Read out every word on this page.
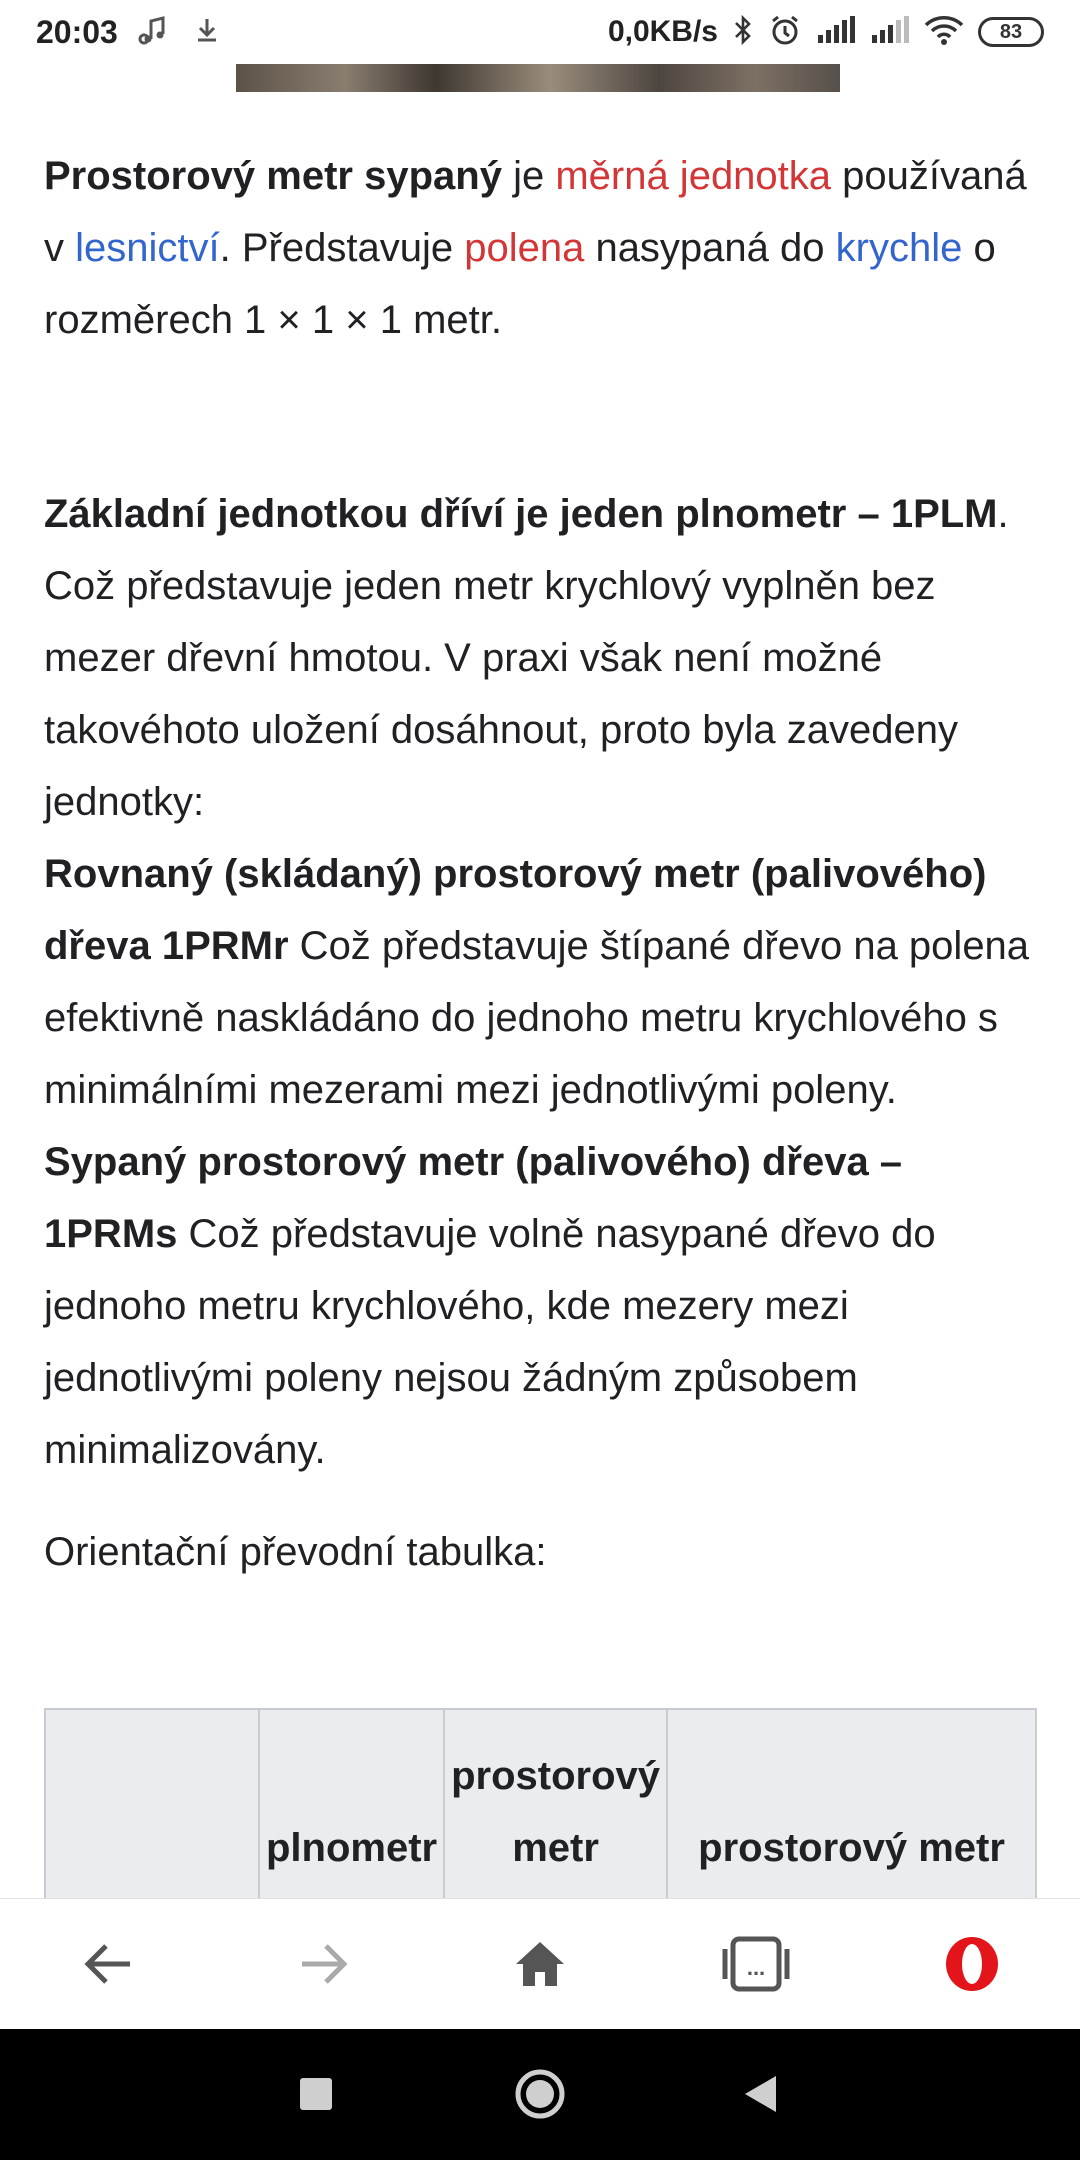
20:03	0,0KB/s	83

Prostorový metr sypaný je měrná jednotka používaná v lesnictví. Představuje polena nasypaná do krychle o rozměrech 1 × 1 × 1 metr.

Základní jednotkou dříví je jeden plnometr – 1PLM. Což představuje jeden metr krychlový vyplněn bez mezer dřevní hmotou. V praxi však není možné takovéhoto uložení dosáhnout, proto byla zavedeny jednotky:
Rovnaný (skládaný) prostorový metr (palivového) dřeva 1PRMr Což představuje štípané dřevo na polena efektivně naskládáno do jednoho metru krychlového s minimálními mezerami mezi jednotlivými poleny.
Sypaný prostorový metr (palivového) dřeva – 1PRMs Což představuje volně nasypané dřevo do jednoho metru krychlového, kde mezery mezi jednotlivými poleny nejsou žádným způsobem minimalizovány.

Orientační převodní tabulka:

	plnometr	prostorový metr	prostorový metr
...
